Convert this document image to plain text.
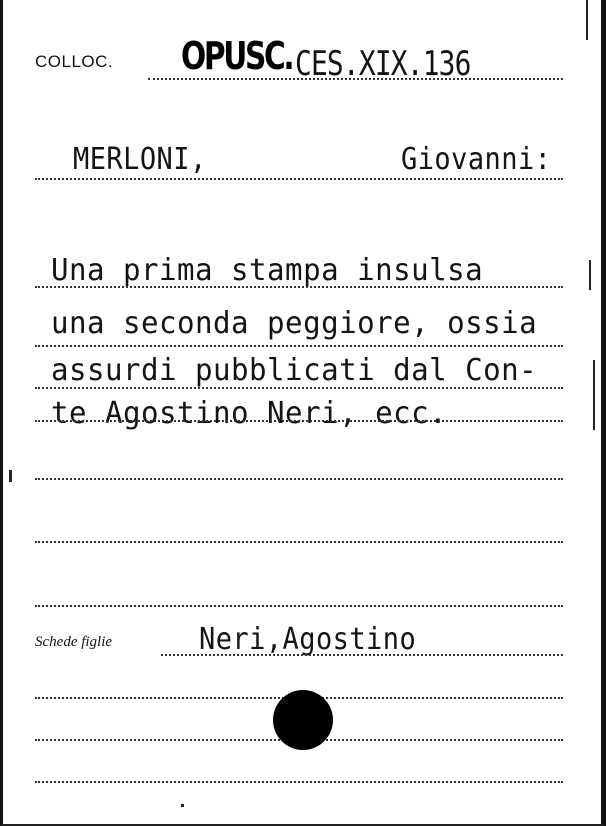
COLLOC. OPUSC. CES.XIX.136
MERLONI,	Giovanni:
Una prima stampa insulsa
una seconda peggiore, ossia
assurdi pubblicati dal Con-
te Agostino Neri, ecc.
Schede figlie	Neri,Agostino
